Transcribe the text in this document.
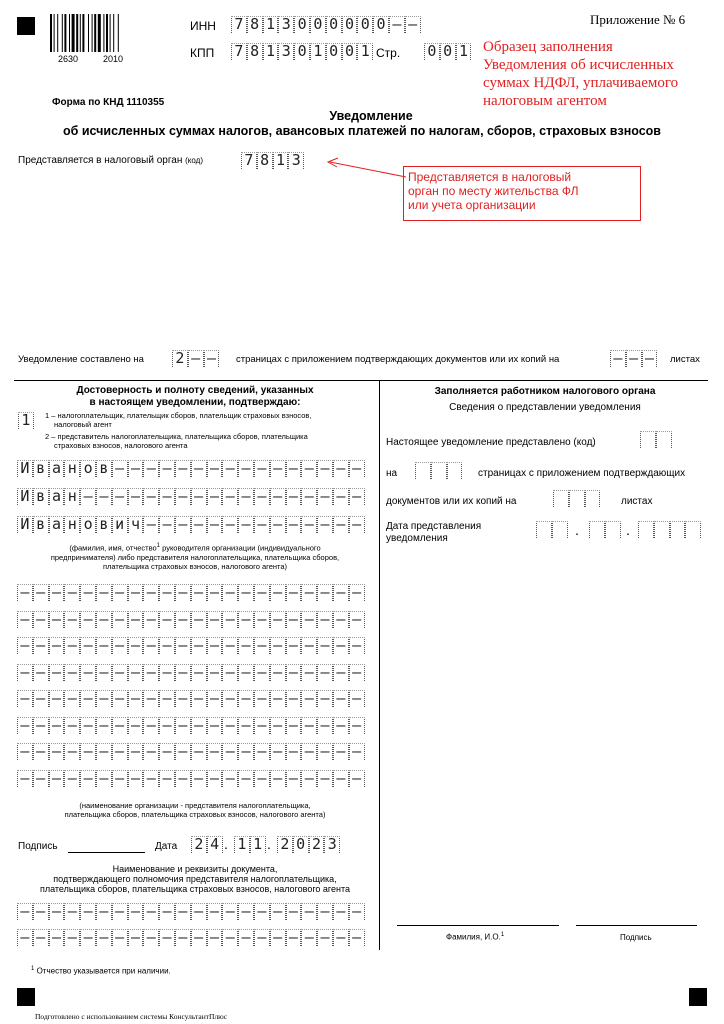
2630	2010
ИНН 7 8 1 3 0 0 0 0 0 0 – –
КПП 7 8 1 3 0 1 0 0 1 Стр. 0 0 1
Приложение № 6
Образец заполнения
Уведомления об исчисленных
суммах НДФЛ, уплачиваемого
налоговым агентом
Форма по КНД 1110355
Уведомление
об исчисленных суммах налогов, авансовых платежей по налогам, сборов, страховых взносов
Представляется в налоговый орган (код)	7 8 1 3
Представляется в налоговый
орган по месту жительства ФЛ
или учета организации
Уведомление составлено на 2 – –	страницах с приложением подтверждающих документов или их копий на	– – –	листах
Достоверность и полноту сведений, указанных
в настоящем уведомлении, подтверждаю:
1	1 – налогоплательщик, плательщик сборов, плательщик страховых взносов,
налоговый агент
2 – представитель налогоплательщика, плательщика сборов, плательщика
страховых взносов, налогового агента
И в а н о в – – – – – – – – – – – – – – – –
И в а н – – – – – – – – – – – – – – – – – –
И в а н о в и ч – – – – – – – – – – – – – –
(фамилия, имя, отчество$^1$ руководителя организации (индивидуального
предпринимателя) либо представителя налогоплательщика, плательщика сборов,
плательщика страховых взносов, налогового агента)
– – – – – – – – – – – – – – – – – – – – – –
– – – – – – – – – – – – – – – – – – – – – –
– – – – – – – – – – – – – – – – – – – – – –
– – – – – – – – – – – – – – – – – – – – – –
– – – – – – – – – – – – – – – – – – – – – –
– – – – – – – – – – – – – – – – – – – – – –
– – – – – – – – – – – – – – – – – – – – – –
– – – – – – – – – – – – – – – – – – – – – –
(наименование организации - представителя налогоплательщика,
плательщика сборов, плательщика страховых взносов, налогового агента)
Подпись	Дата 2 4 . 1 1 . 2 0 2 3
Наименование и реквизиты документа,
подтверждающего полномочия представителя налогоплательщика,
плательщика сборов, плательщика страховых взносов, налогового агента
– – – – – – – – – – – – – – – – – – – – – –
– – – – – – – – – – – – – – – – – – – – – –
Заполняется работником налогового органа
Сведения о представлении уведомления
Настоящее уведомление представлено (код)
на	страницах с приложением подтверждающих
документов или их копий на	листах
Дата представления
уведомления
.	.
Фамилия, И.О.$^1$	Подпись
$^1$ Отчество указывается при наличии.
Подготовлено с использованием системы КонсультантПлюс
